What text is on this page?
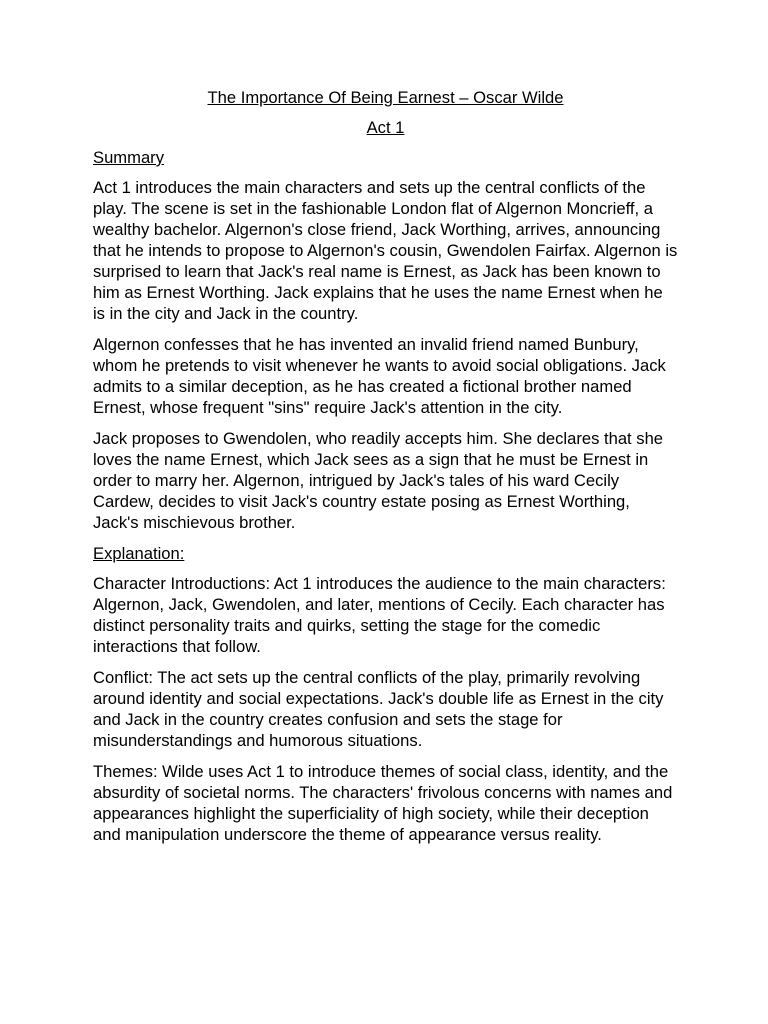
The Importance Of Being Earnest – Oscar Wilde
Act 1
Summary

Act 1 introduces the main characters and sets up the central conflicts of the play. The scene is set in the fashionable London flat of Algernon Moncrieff, a wealthy bachelor. Algernon's close friend, Jack Worthing, arrives, announcing that he intends to propose to Algernon's cousin, Gwendolen Fairfax. Algernon is surprised to learn that Jack's real name is Ernest, as Jack has been known to him as Ernest Worthing. Jack explains that he uses the name Ernest when he is in the city and Jack in the country.

Algernon confesses that he has invented an invalid friend named Bunbury, whom he pretends to visit whenever he wants to avoid social obligations. Jack admits to a similar deception, as he has created a fictional brother named Ernest, whose frequent "sins" require Jack's attention in the city.

Jack proposes to Gwendolen, who readily accepts him. She declares that she loves the name Ernest, which Jack sees as a sign that he must be Ernest in order to marry her. Algernon, intrigued by Jack's tales of his ward Cecily Cardew, decides to visit Jack's country estate posing as Ernest Worthing, Jack's mischievous brother.

Explanation:

Character Introductions: Act 1 introduces the audience to the main characters: Algernon, Jack, Gwendolen, and later, mentions of Cecily. Each character has distinct personality traits and quirks, setting the stage for the comedic interactions that follow.

Conflict: The act sets up the central conflicts of the play, primarily revolving around identity and social expectations. Jack's double life as Ernest in the city and Jack in the country creates confusion and sets the stage for misunderstandings and humorous situations.

Themes: Wilde uses Act 1 to introduce themes of social class, identity, and the absurdity of societal norms. The characters' frivolous concerns with names and appearances highlight the superficiality of high society, while their deception and manipulation underscore the theme of appearance versus reality.
